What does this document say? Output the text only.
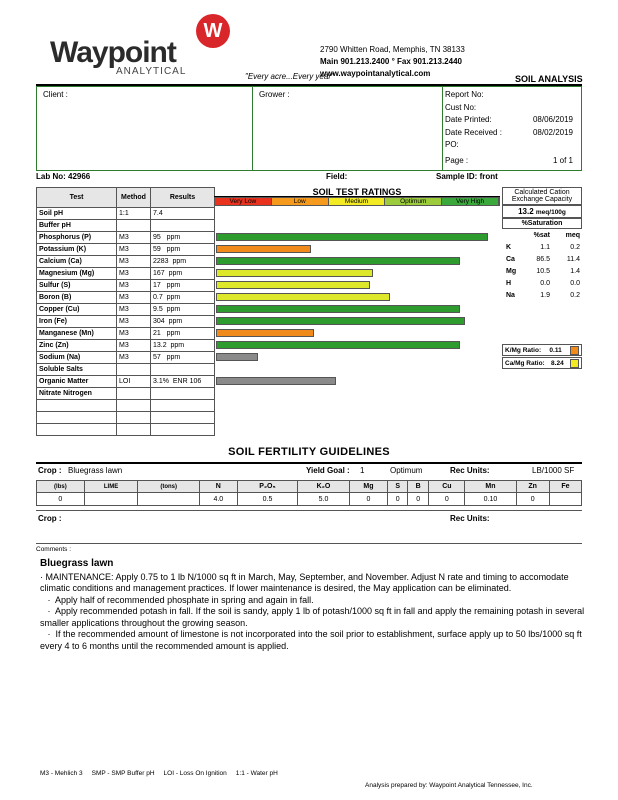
Waypoint
ANALYTICAL
W
"Every acre...Every year"
2790 Whitten Road, Memphis, TN 38133
Main 901.213.2400 ° Fax 901.213.2440
www.waypointanalytical.com
SOIL ANALYSIS
Client :	Grower :	Report No:
Cust No:
Date Printed:	08/06/2019
Date Received :	08/02/2019
PO:
Page :	1 of 1
Lab No: 42966	Field:	Sample ID: front
Test	Method	Results
Soil pH	1:1	7.4
Buffer pH		
Phosphorus (P)	M3	95   ppm
Potassium (K)	M3	59   ppm
Calcium (Ca)	M3	2283  ppm
Magnesium (Mg)	M3	167  ppm
Sulfur (S)	M3	17   ppm
Boron (B)	M3	0.7  ppm
Copper (Cu)	M3	9.5  ppm
Iron (Fe)	M3	304  ppm
Manganese (Mn)	M3	21   ppm
Zinc (Zn)	M3	13.2  ppm
Sodium (Na)	M3	57   ppm
Soluble Salts		
Organic Matter	LOI	3.1%  ENR 106
Nitrate Nitrogen		

SOIL TEST RATINGS
Very Low	Low	Medium	Optimum	Very High
Calculated Cation Exchange Capacity
13.2 meq/100g
%Saturation
%sat	meq
K	1.1	0.2
Ca	86.5	11.4
Mg	10.5	1.4
H	0.0	0.0
Na	1.9	0.2
K/Mg Ratio: 0.11
Ca/Mg Ratio: 8.24
SOIL FERTILITY GUIDELINES
Crop : Bluegrass lawn	Yield Goal : 1	Optimum	Rec Units:	LB/1000 SF
(lbs)	LIME	(tons)	N	P₂O₅	K₂O	Mg	S	B	Cu	Mn	Zn	Fe
0			4.0	0.5	5.0	0	0	0	0	0.10	0	
Crop :	Rec Units:
Comments :
Bluegrass lawn

· MAINTENANCE: Apply 0.75 to 1 lb N/1000 sq ft in March, May, September, and November. Adjust N rate and timing to accomodate climatic conditions and management practices. If lower maintenance is desired, the May application can be eliminated.

·  Apply half of recommended phosphate in spring and again in fall.

·  Apply recommended potash in fall. If the soil is sandy, apply 1 lb of potash/1000 sq ft in fall and apply the remaining potash in several smaller applications throughout the growing season.

·  If the recommended amount of limestone is not incorporated into the soil prior to establishment, surface apply up to 50 lbs/1000 sq ft every 4 to 6 months until the recommended amount is applied.

M3 - Mehlich 3     SMP - SMP Buffer pH     LOI - Loss On Ignition     1:1 - Water pH
Analysis prepared by: Waypoint Analytical Tennessee, Inc.
